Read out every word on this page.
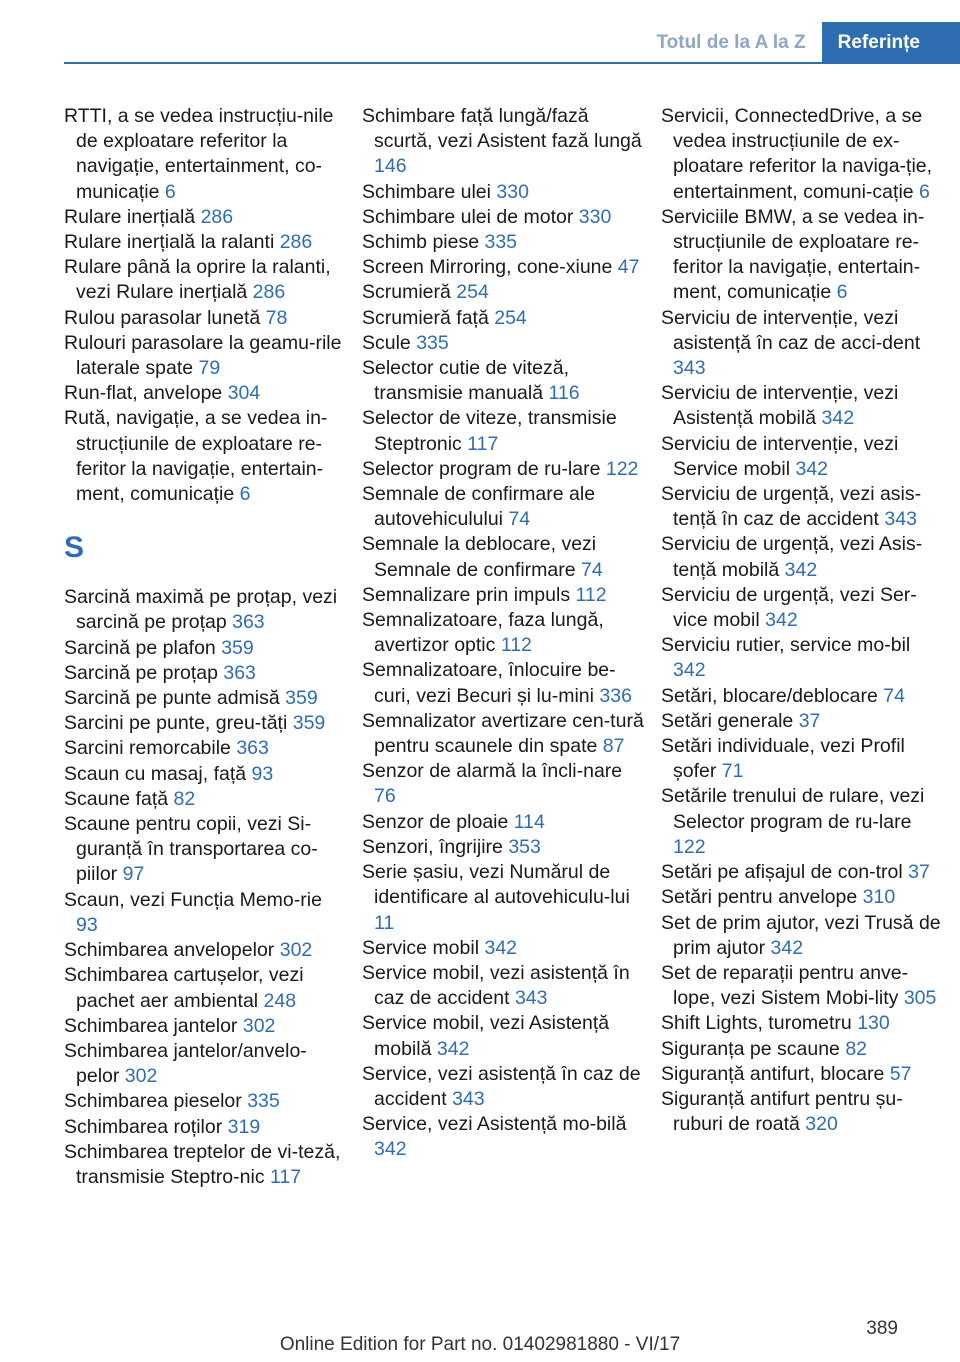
Totul de la A la Z	Referințe

RTTI, a se vedea instrucțiu-nile de exploatare referitor la navigație, entertainment, co-municație 6

Rulare inerțială 286

Rulare inerțială la ralanti 286

Rulare până la oprire la ralanti, vezi Rulare inerțială 286

Rulou parasolar lunetă 78

Rulouri parasolare la geamu-rile laterale spate 79

Run-flat, anvelope 304

Rută, navigație, a se vedea in-strucțiunile de exploatare re-feritor la navigație, entertain-ment, comunicație 6

S

Sarcină maximă pe proțap, vezi sarcină pe proțap 363

Sarcină pe plafon 359

Sarcină pe proțap 363

Sarcină pe punte admisă 359

Sarcini pe punte, greu-tăți 359

Sarcini remorcabile 363

Scaun cu masaj, față 93

Scaune față 82

Scaune pentru copii, vezi Si-guranță în transportarea co-piilor 97

Scaun, vezi Funcția Memo-rie 93

Schimbarea anvelopelor 302

Schimbarea cartușelor, vezi pachet aer ambiental 248

Schimbarea jantelor 302

Schimbarea jantelor/anvelo-pelor 302

Schimbarea pieselor 335

Schimbarea roților 319

Schimbarea treptelor de vi-teză, transmisie Steptro-nic 117

Schimbare față lungă/fază scurtă, vezi Asistent fază lungă 146

Schimbare ulei 330

Schimbare ulei de motor 330

Schimb piese 335

Screen Mirroring, cone-xiune 47

Scrumieră 254

Scrumieră față 254

Scule 335

Selector cutie de viteză, transmisie manuală 116

Selector de viteze, transmisie Steptronic 117

Selector program de ru-lare 122

Semnale de confirmare ale autovehiculului 74

Semnale la deblocare, vezi Semnale de confirmare 74

Semnalizare prin impuls 112

Semnalizatoare, faza lungă, avertizor optic 112

Semnalizatoare, înlocuire be-curi, vezi Becuri și lu-mini 336

Semnalizator avertizare cen-tură pentru scaunele din spate 87

Senzor de alarmă la încli-nare 76

Senzor de ploaie 114

Senzori, îngrijire 353

Serie șasiu, vezi Numărul de identificare al autovehiculu-lui 11

Service mobil 342

Service mobil, vezi asistență în caz de accident 343

Service mobil, vezi Asistență mobilă 342

Service, vezi asistență în caz de accident 343

Service, vezi Asistență mo-bilă 342

Servicii, ConnectedDrive, a se vedea instrucțiunile de ex-ploatare referitor la naviga-ție, entertainment, comuni-cație 6

Serviciile BMW, a se vedea in-strucțiunile de exploatare re-feritor la navigație, entertain-ment, comunicație 6

Serviciu de intervenție, vezi asistență în caz de acci-dent 343

Serviciu de intervenție, vezi Asistență mobilă 342

Serviciu de intervenție, vezi Service mobil 342

Serviciu de urgență, vezi asis-tență în caz de accident 343

Serviciu de urgență, vezi Asis-tență mobilă 342

Serviciu de urgență, vezi Ser-vice mobil 342

Serviciu rutier, service mo-bil 342

Setări, blocare/deblocare 74

Setări generale 37

Setări individuale, vezi Profil șofer 71

Setările trenului de rulare, vezi Selector program de ru-lare 122

Setări pe afișajul de con-trol 37

Setări pentru anvelope 310

Set de prim ajutor, vezi Trusă de prim ajutor 342

Set de reparații pentru anve-lope, vezi Sistem Mobi-lity 305

Shift Lights, turometru 130

Siguranța pe scaune 82

Siguranță antifurt, blocare 57

Siguranță antifurt pentru șu-ruburi de roată 320

389
Online Edition for Part no. 01402981880 - VI/17
